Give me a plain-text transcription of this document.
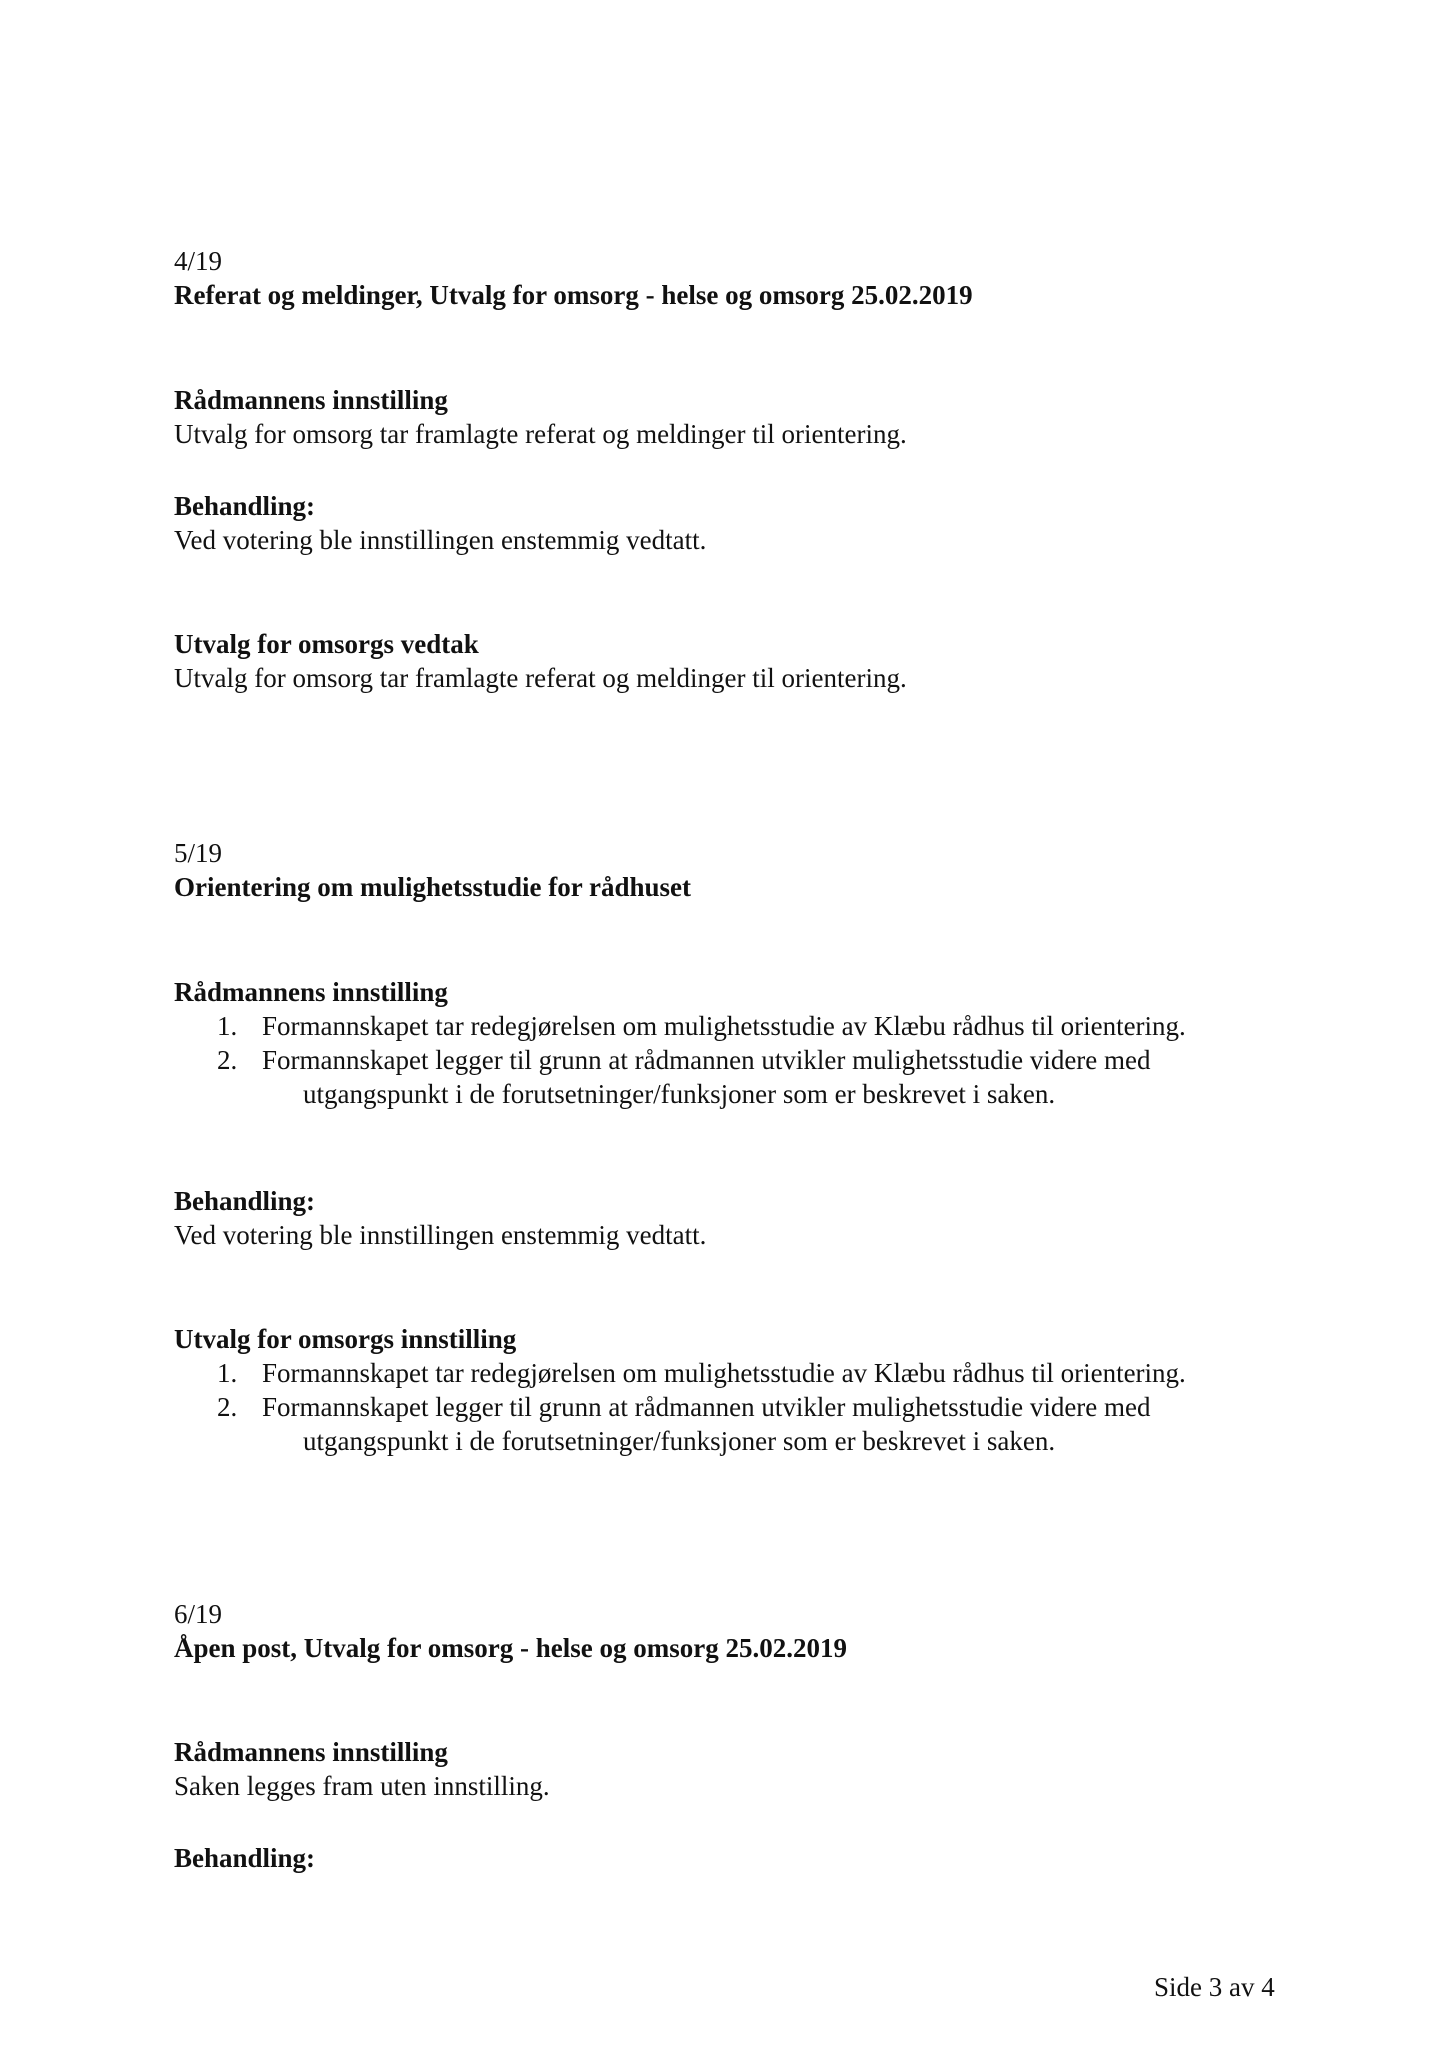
4/19

Referat og meldinger, Utvalg for omsorg - helse og omsorg 25.02.2019

Rådmannens innstilling

Utvalg for omsorg tar framlagte referat og meldinger til orientering.

Behandling:

Ved votering ble innstillingen enstemmig vedtatt.

Utvalg for omsorgs vedtak

Utvalg for omsorg tar framlagte referat og meldinger til orientering.

5/19

Orientering om mulighetsstudie for rådhuset

Rådmannens innstilling

1. Formannskapet tar redegjørelsen om mulighetsstudie av Klæbu rådhus til orientering.
2. Formannskapet legger til grunn at rådmannen utvikler mulighetsstudie videre med
utgangspunkt i de forutsetninger/funksjoner som er beskrevet i saken.

Behandling:

Ved votering ble innstillingen enstemmig vedtatt.

Utvalg for omsorgs innstilling

1. Formannskapet tar redegjørelsen om mulighetsstudie av Klæbu rådhus til orientering.
2. Formannskapet legger til grunn at rådmannen utvikler mulighetsstudie videre med
utgangspunkt i de forutsetninger/funksjoner som er beskrevet i saken.

6/19

Åpen post, Utvalg for omsorg - helse og omsorg 25.02.2019

Rådmannens innstilling

Saken legges fram uten innstilling.

Behandling:

Side 3 av 4
